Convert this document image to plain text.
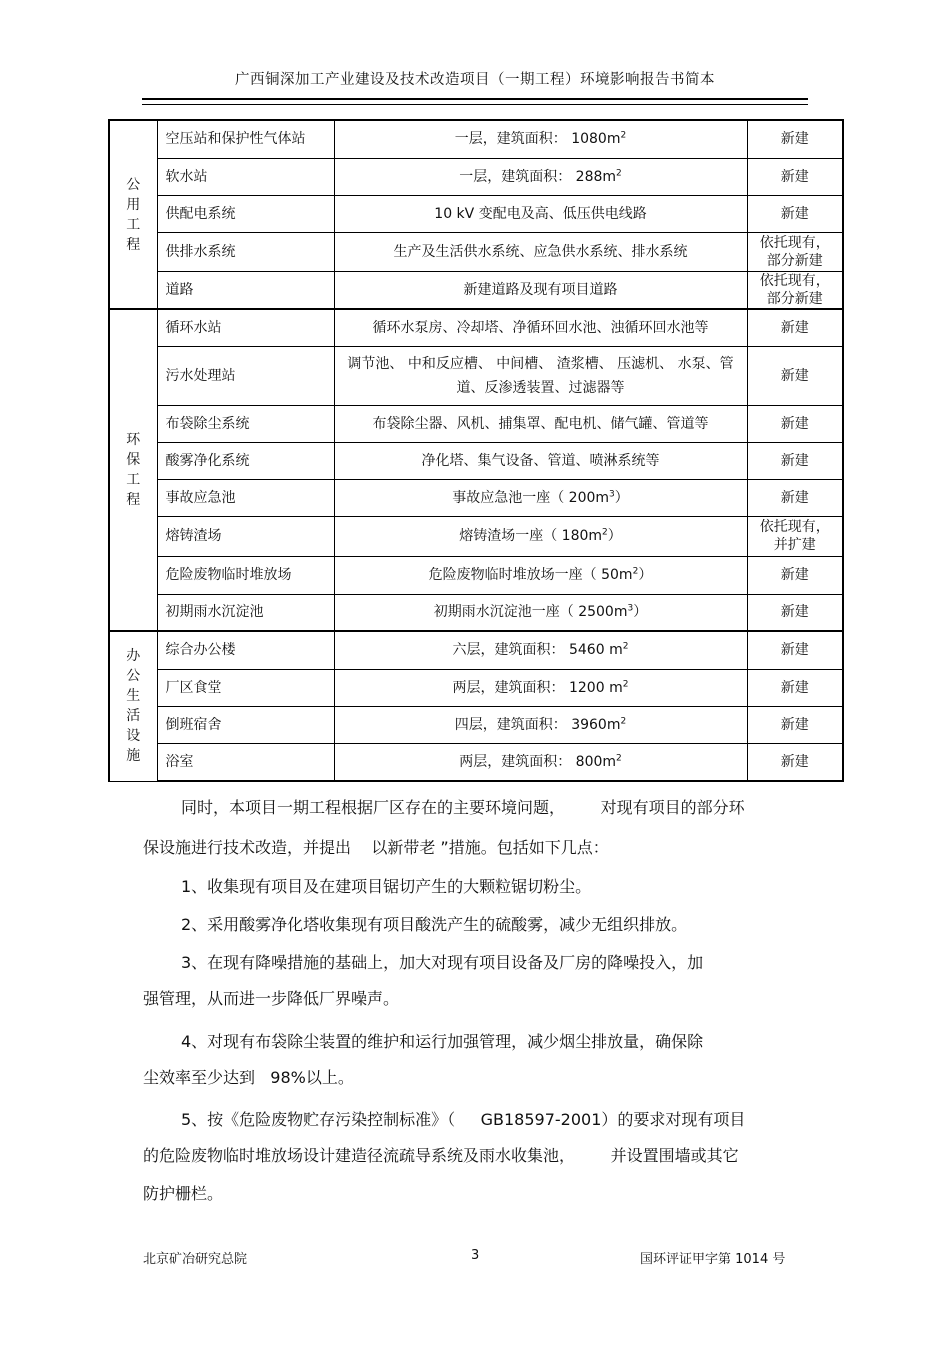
广西铜深加工产业建设及技术改造项目（一期工程）环境影响报告书简本
公用工程	空压站和保护性气体站	一层，建筑面积： $1080m^2$	新建
	软水站	一层，建筑面积： $288m^2$	新建
	供配电系统	10 kV 变配电及高、低压供电线路	新建
	供排水系统	生产及生活供水系统、应急供水系统、排水系统	依托现有，部分新建
	道路	新建道路及现有项目道路	依托现有，部分新建
环保工程	循环水站	循环水泵房、冷却塔、净循环回水池、浊循环回水池等	新建
	污水处理站	调节池、 中和反应槽、 中间槽、 渣浆槽、 压滤机、 水泵、管道、反渗透装置、过滤器等	新建
	布袋除尘系统	布袋除尘器、风机、捕集罩、配电机、储气罐、管道等	新建
	酸雾净化系统	净化塔、集气设备、管道、喷淋系统等	新建
	事故应急池	事故应急池一座（ $200m^3$）	新建
	熔铸渣场	熔铸渣场一座（ $180m^2$）	依托现有，并扩建
	危险废物临时堆放场	危险废物临时堆放场一座（ $50m^2$）	新建
	初期雨水沉淀池	初期雨水沉淀池一座（ $2500m^3$）	新建
办公生活设施	综合办公楼	六层，建筑面积： 5460 $m^2$	新建
	厂区食堂	两层，建筑面积： 1200 $m^2$	新建
	倒班宿舍	四层，建筑面积： $3960m^2$	新建
	浴室	两层，建筑面积： $800m^2$	新建
同时，本项目一期工程根据厂区存在的主要环境问题，       对现有项目的部分环
保设施进行技术改造，并提出    以新带老 ”措施。包括如下几点：
1、收集现有项目及在建项目锯切产生的大颗粒锯切粉尘。
2、采用酸雾净化塔收集现有项目酸洗产生的硫酸雾，减少无组织排放。
3、在现有降噪措施的基础上，加大对现有项目设备及厂房的降噪投入，加
强管理，从而进一步降低厂界噪声。
4、对现有布袋除尘装置的维护和运行加强管理，减少烟尘排放量，确保除
尘效率至少达到   98%以上。
5、按《危险废物贮存污染控制标准》（     GB18597-2001）的要求对现有项目
的危险废物临时堆放场设计建造径流疏导系统及雨水收集池，       并设置围墙或其它
防护栅栏。
北京矿冶研究总院	3	国环评证甲字第 1014 号
